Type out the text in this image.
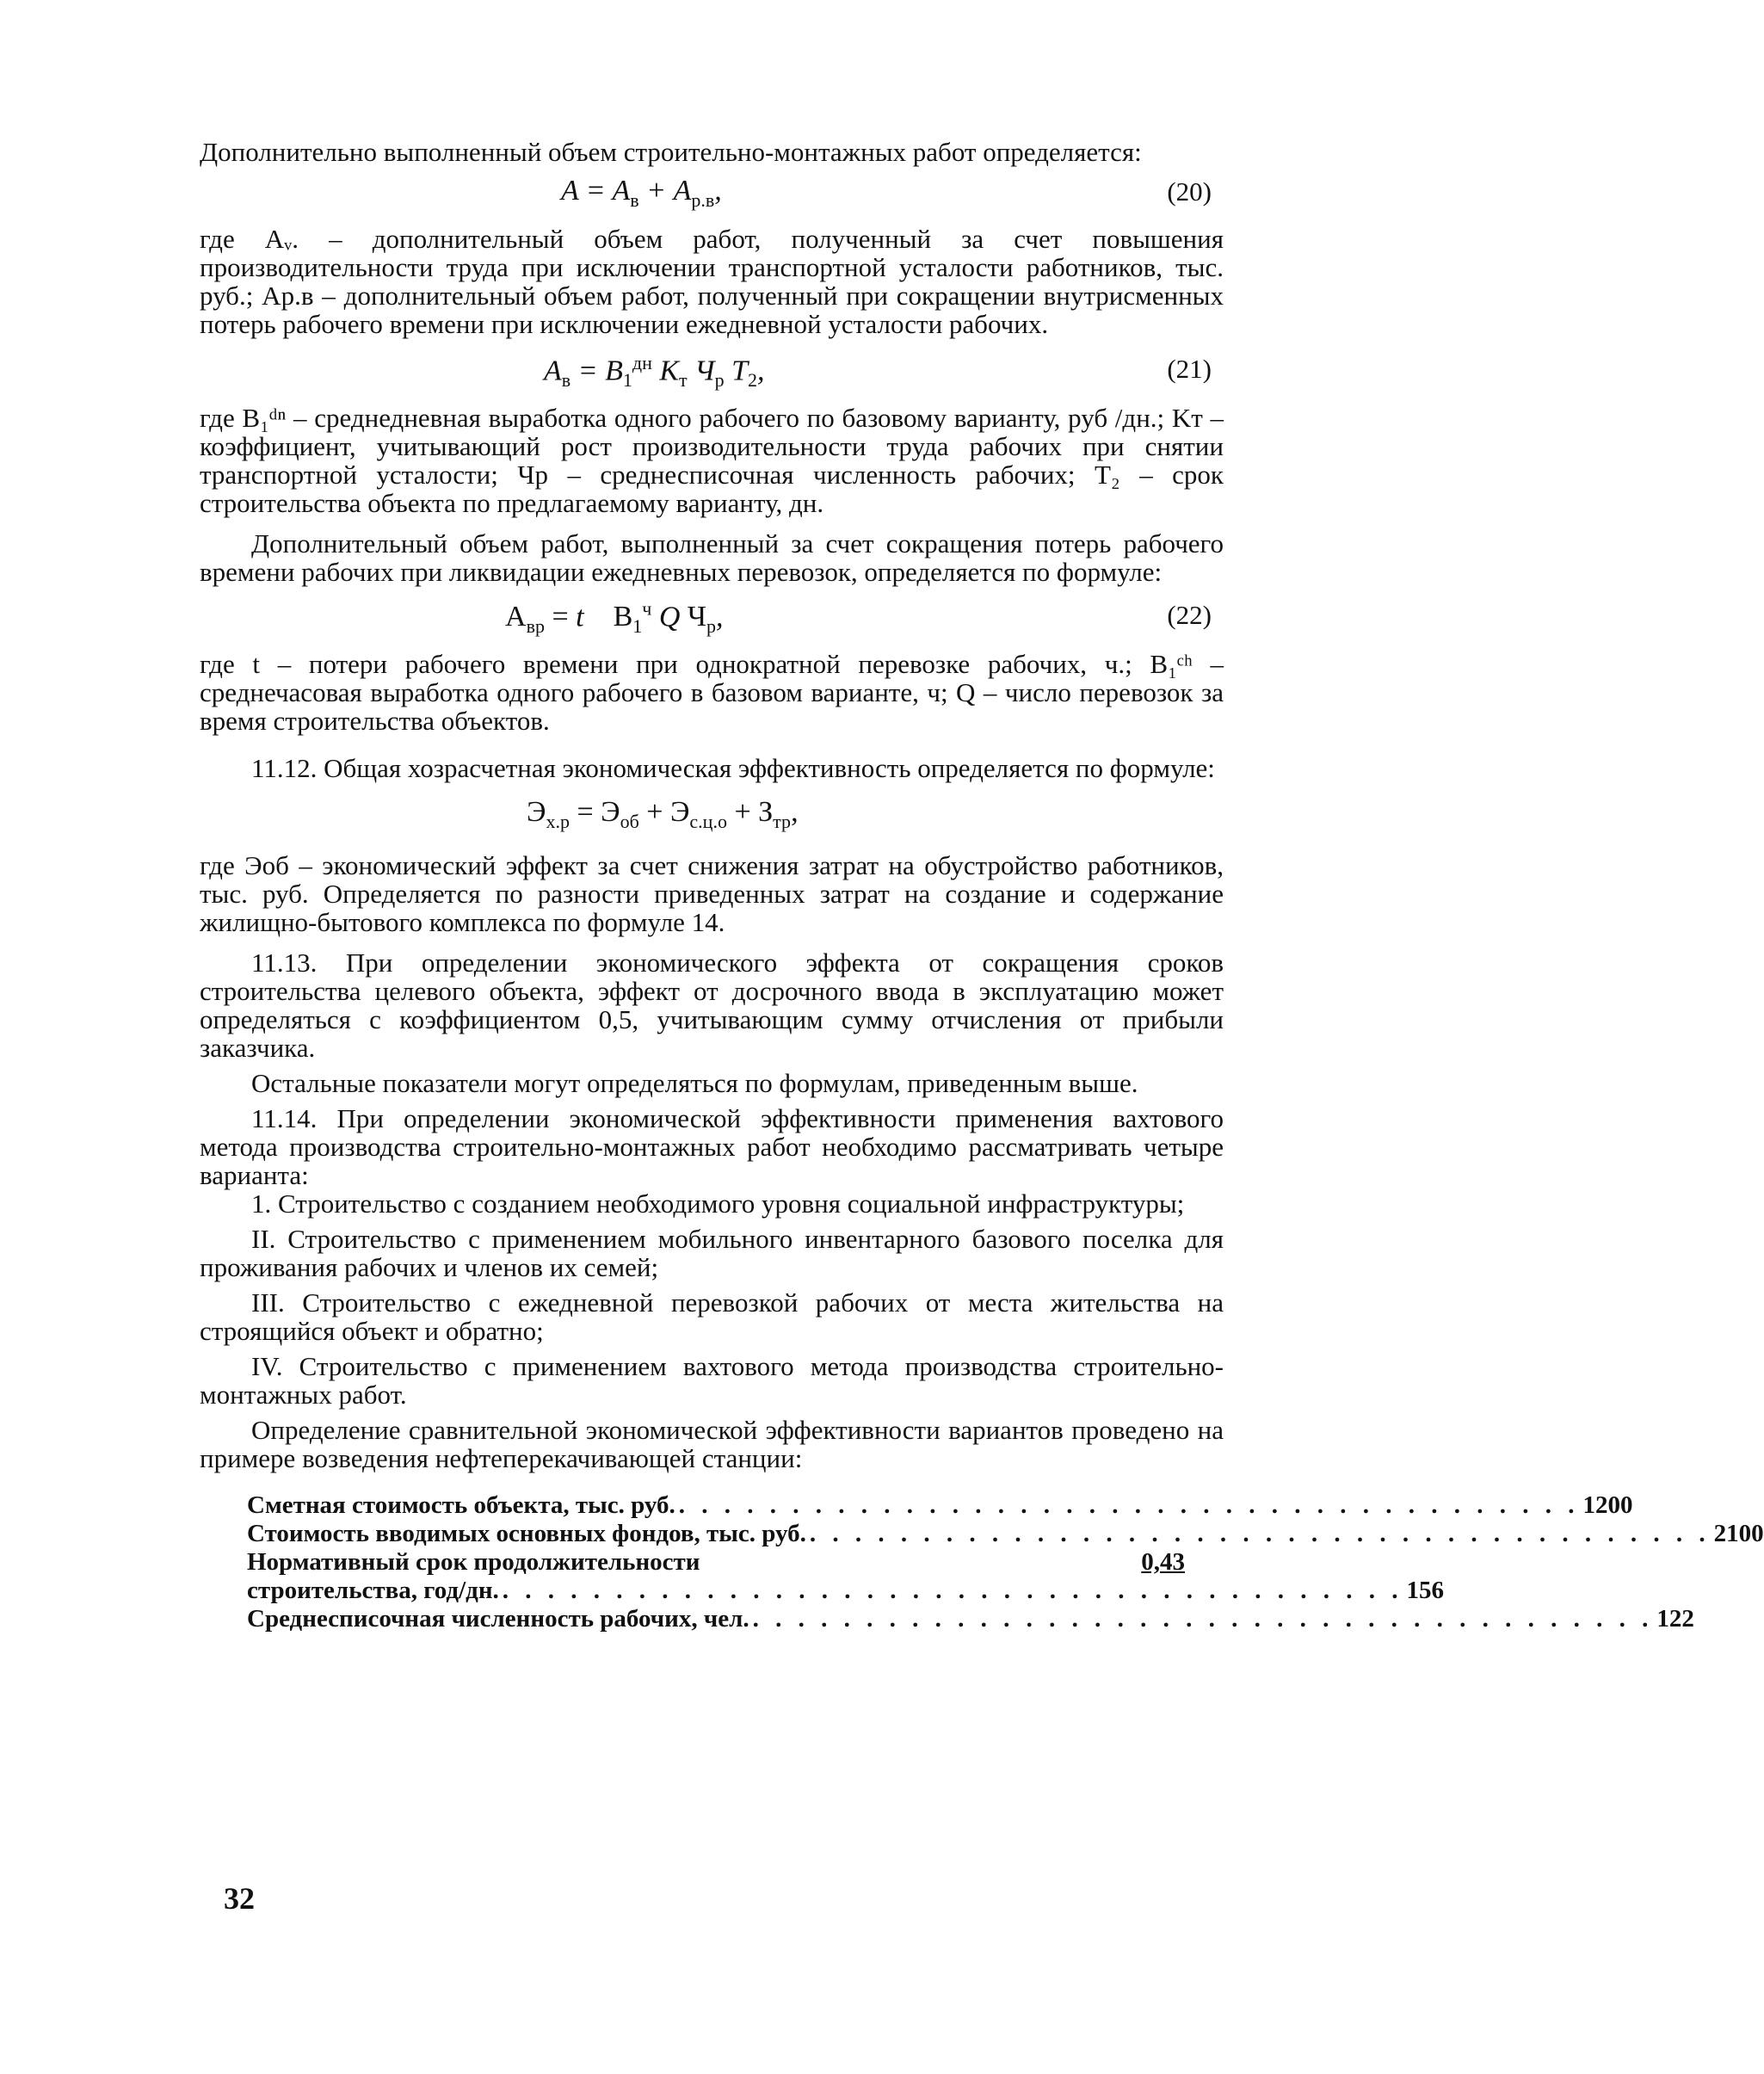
Дополнительно выполненный объем строительно-монтажных работ определяется:

$A = A_в + A_{р.в}$,	(20)

где Аᵥ. – дополнительный объем работ, полученный за счет повышения производительности труда при исключении транспортной усталости работников, тыс. руб.; Ар.в – дополнительный объем работ, полученный при сокращении внутрисменных потерь рабочего времени при исключении ежедневной усталости рабочих.

$A_в = B_1^{дн}$ $K_т$ $Ч_р$ $T_2$,	(21)

где B₁ᵈⁿ – среднедневная выработка одного рабочего по базовому варианту, руб /дн.; Kт – коэффициент, учитывающий рост производительности труда рабочих при снятии транспортной усталости; Чр – среднесписочная численность рабочих; T₂ – срок строительства объекта по предлагаемому варианту, дн.

Дополнительный объем работ, выполненный за счет сокращения потерь рабочего времени рабочих при ликвидации ежедневных перевозок, определяется по формуле:

$A_{вр} = t$    $B_1^ч$ Q $Ч_р$,	(22)

где t – потери рабочего времени при однократной перевозке рабочих, ч.; B₁ᶜʰ – среднечасовая выработка одного рабочего в базовом варианте, ч; Q – число перевозок за время строительства объектов.

11.12. Общая хозрасчетная экономическая эффективность определяется по формуле:

$Э_{х.р} = Э_{об} + Э_{с.ц.о} + З_{тр}$,

где Эоб – экономический эффект за счет снижения затрат на обустройство работников, тыс. руб. Определяется по разности приведенных затрат на создание и содержание жилищно-бытового комплекса по формуле 14.

11.13. При определении экономического эффекта от сокращения сроков строительства целевого объекта, эффект от досрочного ввода в эксплуатацию может определяться с коэффициентом 0,5, учитывающим сумму отчисления от прибыли заказчика.

Остальные показатели могут определяться по формулам, приведенным выше.

11.14. При определении экономической эффективности применения вахтового метода производства строительно-монтажных работ необходимо рассматривать четыре варианта:

1. Строительство с созданием необходимого уровня социальной инфраструктуры;

II. Строительство с применением мобильного инвентарного базового поселка для проживания рабочих и членов их семей;

III. Строительство с ежедневной перевозкой рабочих от места жительства на строящийся объект и обратно;

IV. Строительство с применением вахтового метода производства строительно-монтажных работ.

Определение сравнительной экономической эффективности вариантов проведено на примере возведения нефтеперекачивающей станции:

Сметная стоимость объекта, тыс. руб. . . . . . . . . . . . . . . . . . . . . . . . . . . . . . . . . . . . . . . . . 1200
Стоимость вводимых основных фондов, тыс. руб. . . . . . . . . . . . . . . . . . . . . . . . . . . . . . . . . . . . . . . . . 2100
Нормативный срок продолжительности	0,43
строительства, год/дн. . . . . . . . . . . . . . . . . . . . . . . . . . . . . . . . . . . . . . . . . 156
Среднесписочная численность рабочих, чел. . . . . . . . . . . . . . . . . . . . . . . . . . . . . . . . . . . . . . . . . 122
32
